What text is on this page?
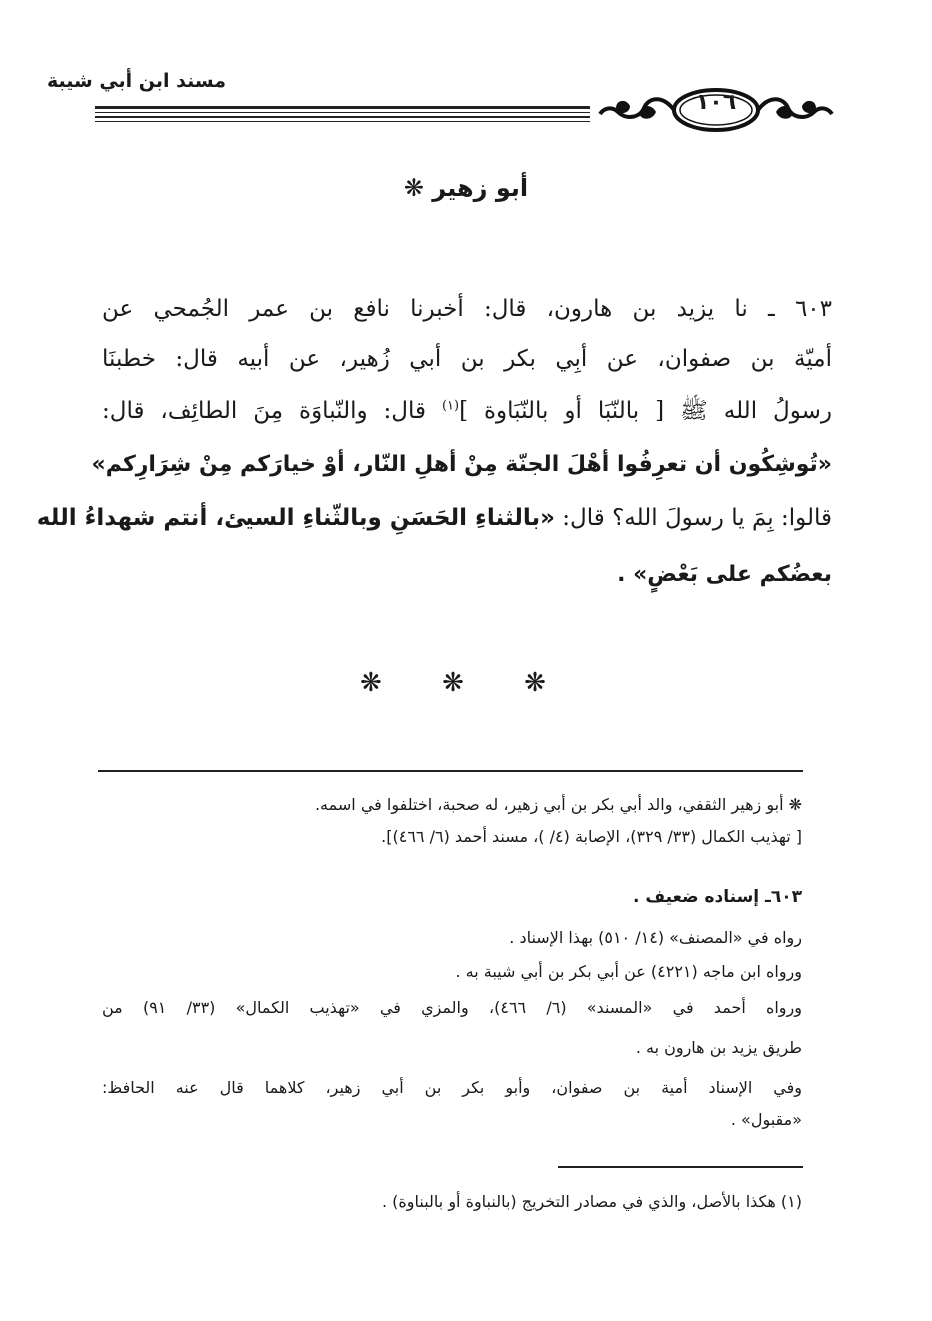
مسند ابن أبي شيبة
١٠٦
أبو زهير ❋
٦٠٣ ـ نا يزيد بن هارون، قال: أخبرنا نافع بن عمر الجُمحي عن
أميّة بن صفوان، عن أبِي بكر بن أبي زُهير، عن أبيه قال: خطبنَا
رسولُ الله ﷺ [ بالنّبَا أو بالنّبَاوة ]$^{(١)}$ قال: والنّباوَة مِنَ الطائِف، قال:
«تُوشِكُون أن تعرِفُوا أهْلَ الجنّة مِنْ أهلِ النّار، أوْ خيارَكم مِنْ شِرَارِكم»
قالوا: بِمَ يا رسولَ الله؟ قال: «بالثناءِ الحَسَنِ وبالثّناءِ السيئ، أنتم شهداءُ الله
بعضُكم على بَعْضٍ» .
❋ ❋ ❋
❋ أبو زهير الثقفي، والد أبي بكر بن أبي زهير، له صحبة، اختلفوا في اسمه.
[ تهذيب الكمال (٣٣/ ٣٢٩)، الإصابة (٤/ )، مسند أحمد (٦/ ٤٦٦)].
٦٠٣ـ إسناده ضعيف .
رواه في «المصنف» (١٤/ ٥١٠) بهذا الإسناد .
ورواه ابن ماجه (٤٢٢١) عن أبي بكر بن أبي شيبة به .
ورواه أحمد في «المسند» (٦/ ٤٦٦)، والمزي في «تهذيب الكمال» (٣٣/ ٩١) من
طريق يزيد بن هارون به .
وفي الإسناد أمية بن صفوان، وأبو بكر بن أبي زهير، كلاهما قال عنه الحافظ:
«مقبول» .
(١) هكذا بالأصل، والذي في مصادر التخريج (بالنباوة أو بالبناوة) .
